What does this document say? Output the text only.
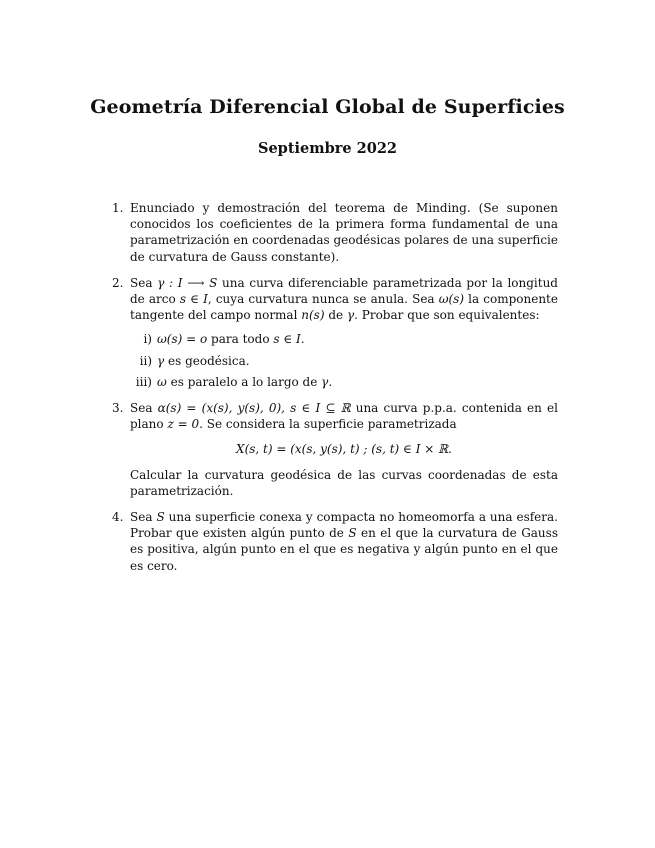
Geometría Diferencial Global de Superficies
Septiembre 2022
1. Enunciado y demostración del teorema de Minding. (Se suponen conocidos los coeficientes de la primera forma fundamental de una parametrización en coordenadas geodésicas polares de una superficie de curvatura de Gauss constante).

2. Sea γ : I ⟶ S una curva diferenciable parametrizada por la longitud de arco s ∈ I, cuya curvatura nunca se anula. Sea ω(s) la componente tangente del campo normal n(s) de γ. Probar que son equivalentes:

i) ω(s) = o para todo s ∈ I.
ii) γ es geodésica.
iii) ω es paralelo a lo largo de γ.
3. Sea α(s) = (x(s), y(s), 0), s ∈ I ⊆ ℝ una curva p.p.a. contenida en el plano z = 0. Se considera la superficie parametrizada

X(s, t) = (x(s, y(s), t) ; (s, t) ∈ I × ℝ.

Calcular la curvatura geodésica de las curvas coordenadas de esta parametrización.

4. Sea S una superficie conexa y compacta no homeomorfa a una esfera. Probar que existen algún punto de S en el que la curvatura de Gauss es positiva, algún punto en el que es negativa y algún punto en el que es cero.
